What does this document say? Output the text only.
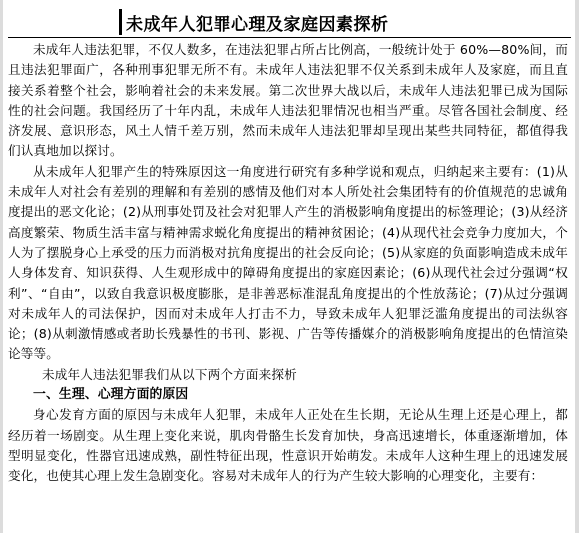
未成年人犯罪心理及家庭因素探析

未成年人违法犯罪，不仅人数多，在违法犯罪占所占比例高，一般统计处于 60%—80%间，而且违法犯罪面广，各种刑事犯罪无所不有。未成年人违法犯罪不仅关系到未成年人及家庭，而且直接关系着整个社会，影响着社会的未来发展。第二次世界大战以后，未成年人违法犯罪已成为国际性的社会问题。我国经历了十年内乱，未成年人违法犯罪情况也相当严重。尽管各国社会制度、经济发展、意识形态，风土人情千差万别，然而未成年人违法犯罪却呈现出某些共同特征，都值得我们认真地加以探讨。

从未成年人犯罪产生的特殊原因这一角度进行研究有多种学说和观点，归纳起来主要有：(1)从未成年人对社会有差别的理解和有差别的感情及他们对本人所处社会集团特有的价值规范的忠诚角度提出的恶文化论；(2)从刑事处罚及社会对犯罪人产生的消极影响角度提出的标签理论；(3)从经济高度繁荣、物质生活丰富与精神需求蜕化角度提出的精神贫困论；(4)从现代社会竞争力度加大，个人为了摆脱身心上承受的压力而消极对抗角度提出的社会反向论；(5)从家庭的负面影响造成未成年人身体发育、知识获得、人生观形成中的障碍角度提出的家庭因素论；(6)从现代社会过分强调“权利”、“自由”，以致自我意识极度膨胀，是非善恶标准混乱角度提出的个性放荡论；(7)从过分强调对未成年人的司法保护，因而对未成年人打击不力，导致未成年人犯罪泛滥角度提出的司法纵容论；(8)从刺激情感或者助长残暴性的书刊、影视、广告等传播媒介的消极影响角度提出的色情渲染论等等。

未成年人违法犯罪我们从以下两个方面来探析

一、生理、心理方面的原因

身心发育方面的原因与未成年人犯罪，未成年人正处在生长期，无论从生理上还是心理上，都经历着一场剧变。从生理上变化来说，肌肉骨骼生长发育加快，身高迅速增长，体重逐渐增加，体型明显变化，性器官迅速成熟，副性特征出现，性意识开始萌发。未成年人这种生理上的迅速发展变化，也使其心理上发生急剧变化。容易对未成年人的行为产生较大影响的心理变化，主要有：
